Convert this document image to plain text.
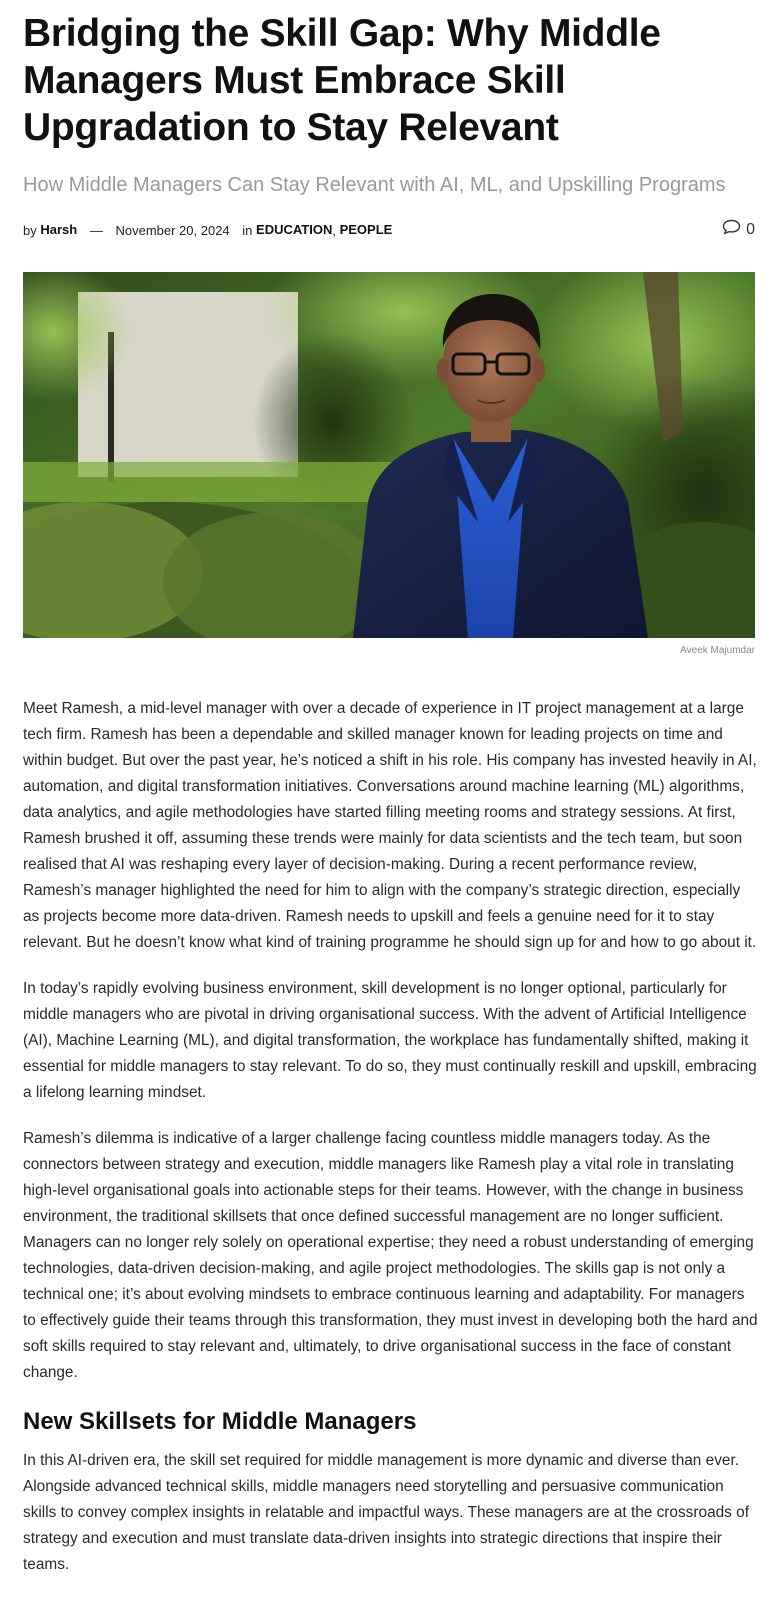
Bridging the Skill Gap: Why Middle Managers Must Embrace Skill Upgradation to Stay Relevant

How Middle Managers Can Stay Relevant with AI, ML, and Upskilling Programs

by Harsh — November 20, 2024 in EDUCATION, PEOPLE	0
Aveek Majumdar

Meet Ramesh, a mid-level manager with over a decade of experience in IT project management at a large tech firm. Ramesh has been a dependable and skilled manager known for leading projects on time and within budget. But over the past year, he’s noticed a shift in his role. His company has invested heavily in AI, automation, and digital transformation initiatives. Conversations around machine learning (ML) algorithms, data analytics, and agile methodologies have started filling meeting rooms and strategy sessions. At first, Ramesh brushed it off, assuming these trends were mainly for data scientists and the tech team, but soon realised that AI was reshaping every layer of decision-making. During a recent performance review, Ramesh’s manager highlighted the need for him to align with the company’s strategic direction, especially as projects become more data-driven. Ramesh needs to upskill and feels a genuine need for it to stay relevant. But he doesn’t know what kind of training programme he should sign up for and how to go about it.

In today’s rapidly evolving business environment, skill development is no longer optional, particularly for middle managers who are pivotal in driving organisational success. With the advent of Artificial Intelligence (AI), Machine Learning (ML), and digital transformation, the workplace has fundamentally shifted, making it essential for middle managers to stay relevant. To do so, they must continually reskill and upskill, embracing a lifelong learning mindset.

Ramesh’s dilemma is indicative of a larger challenge facing countless middle managers today. As the connectors between strategy and execution, middle managers like Ramesh play a vital role in translating high-level organisational goals into actionable steps for their teams. However, with the change in business environment, the traditional skillsets that once defined successful management are no longer sufficient. Managers can no longer rely solely on operational expertise; they need a robust understanding of emerging technologies, data-driven decision-making, and agile project methodologies. The skills gap is not only a technical one; it’s about evolving mindsets to embrace continuous learning and adaptability. For managers to effectively guide their teams through this transformation, they must invest in developing both the hard and soft skills required to stay relevant and, ultimately, to drive organisational success in the face of constant change.

New Skillsets for Middle Managers

In this AI-driven era, the skill set required for middle management is more dynamic and diverse than ever. Alongside advanced technical skills, middle managers need storytelling and persuasive communication skills to convey complex insights in relatable and impactful ways. These managers are at the crossroads of strategy and execution and must translate data-driven insights into strategic directions that inspire their teams.
